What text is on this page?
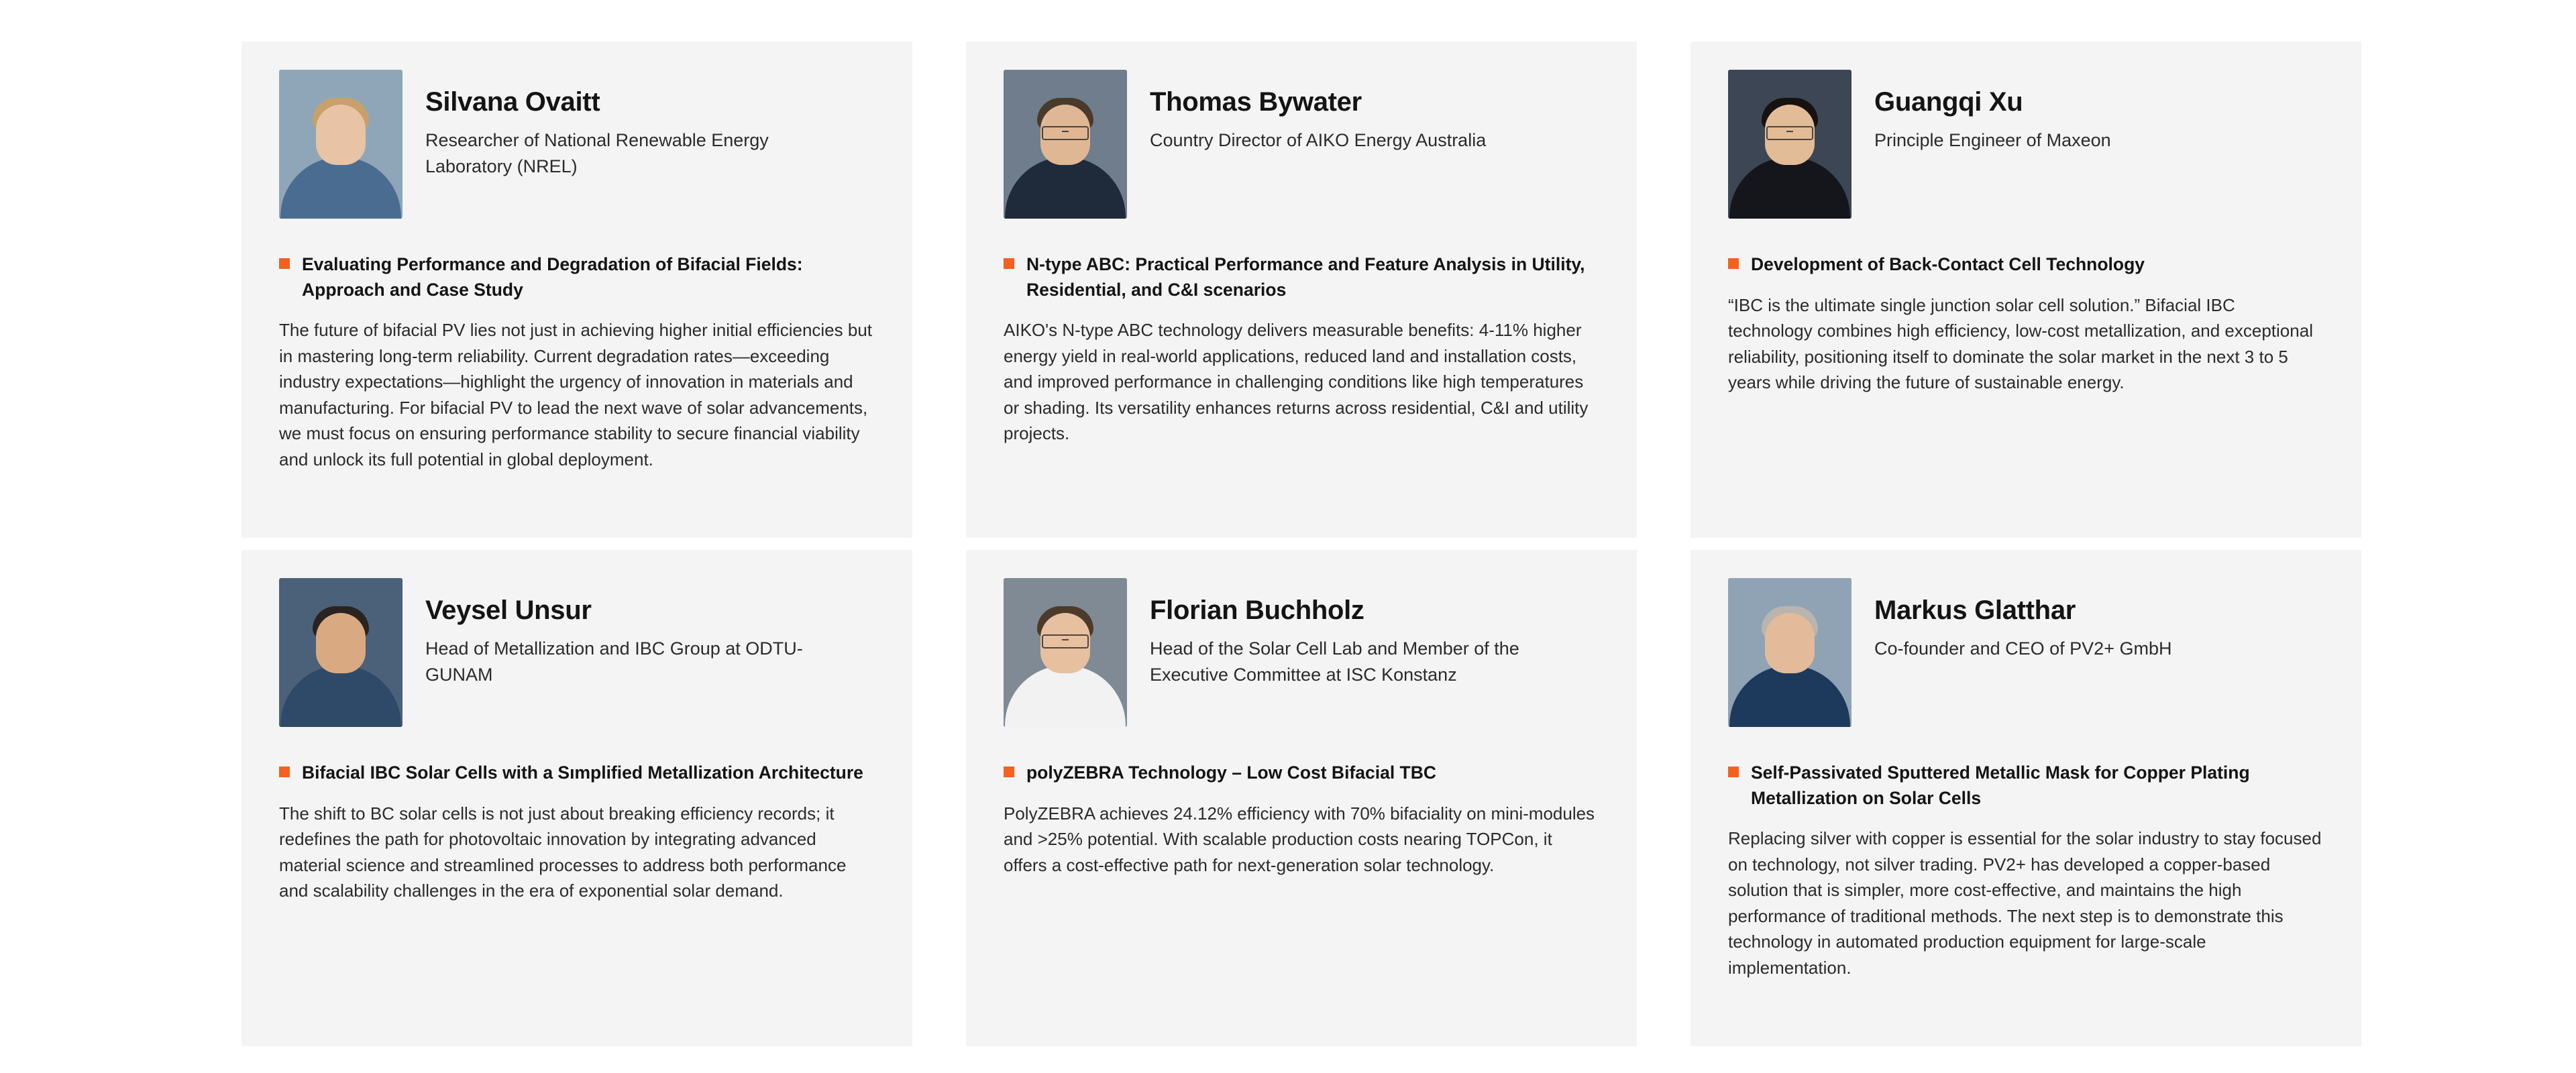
Silvana Ovaitt

Researcher of National Renewable Energy Laboratory (NREL)

Evaluating Performance and Degradation of Bifacial Fields: Approach and Case Study

The future of bifacial PV lies not just in achieving higher initial efficiencies but in mastering long-term reliability. Current degradation rates—exceeding industry expectations—highlight the urgency of innovation in materials and manufacturing. For bifacial PV to lead the next wave of solar advancements, we must focus on ensuring performance stability to secure financial viability and unlock its full potential in global deployment.

Thomas Bywater

Country Director of AIKO Energy Australia

N-type ABC: Practical Performance and Feature Analysis in Utility, Residential, and C&I scenarios

AIKO's N-type ABC technology delivers measurable benefits: 4-11% higher energy yield in real-world applications, reduced land and installation costs, and improved performance in challenging conditions like high temperatures or shading. Its versatility enhances returns across residential, C&I and utility projects.

Guangqi Xu

Principle Engineer of Maxeon

Development of Back-Contact Cell Technology

“IBC is the ultimate single junction solar cell solution.” Bifacial IBC technology combines high efficiency, low-cost metallization, and exceptional reliability, positioning itself to dominate the solar market in the next 3 to 5 years while driving the future of sustainable energy.

Veysel Unsur

Head of Metallization and IBC Group at ODTU-GUNAM

Bifacial IBC Solar Cells with a Sımplified Metallization Architecture

The shift to BC solar cells is not just about breaking efficiency records; it redefines the path for photovoltaic innovation by integrating advanced material science and streamlined processes to address both performance and scalability challenges in the era of exponential solar demand.

Florian Buchholz

Head of the Solar Cell Lab and Member of the Executive Committee at ISC Konstanz

polyZEBRA Technology – Low Cost Bifacial TBC

PolyZEBRA achieves 24.12% efficiency with 70% bifaciality on mini-modules and >25% potential. With scalable production costs nearing TOPCon, it offers a cost-effective path for next-generation solar technology.

Markus Glatthar

Co-founder and CEO of PV2+ GmbH

Self-Passivated Sputtered Metallic Mask for Copper Plating Metallization on Solar Cells

Replacing silver with copper is essential for the solar industry to stay focused on technology, not silver trading. PV2+ has developed a copper-based solution that is simpler, more cost-effective, and maintains the high performance of traditional methods. The next step is to demonstrate this technology in automated production equipment for large-scale implementation.
